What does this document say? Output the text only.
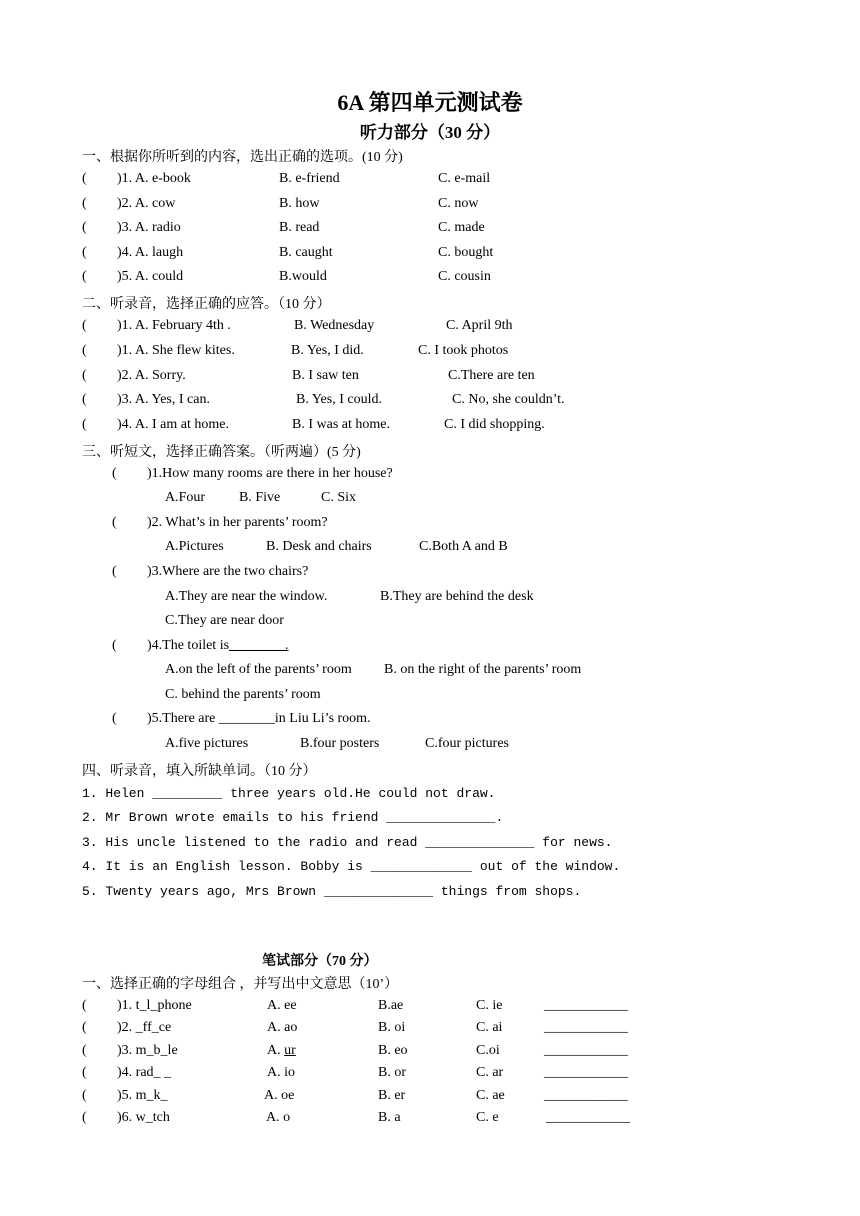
6A 第四单元测试卷
听力部分（30 分）
一、根据你所听到的内容，选出正确的选项。(10 分)
( )1. A. e-book	B. e-friend	C. e-mail
( )2. A. cow	B. how	C. now
( )3. A. radio	B. read	C. made
( )4. A. laugh	B. caught	C. bought
( )5. A. could	B.would	C. cousin
二、听录音，选择正确的应答。（10 分）
( )1. A. February 4th .	B. Wednesday	C. April 9th
( )1. A. She flew kites.	B. Yes, I did.	C. I took photos
( )2. A. Sorry.	B. I saw ten	C.There are ten
( )3. A. Yes, I can.	B. Yes, I could.	C. No, she couldn’t.
( )4. A. I am at home.	B. I was at home.	C. I did shopping.
三、听短文，选择正确答案。（听两遍）(5 分)
( )1.How many rooms are there in her house?
A.Four B. Five	C. Six
( )2. What’s in her parents’ room?
A.Pictures	B. Desk and chairs	C.Both A and B
( )3.Where are the two chairs?
A.They are near the window.	B.They are behind the desk
C.They are near door
( )4.The toilet is________.
A.on the left of the parents’ room B. on the right of the parents’ room
C. behind the parents’ room
( )5.There are ________in Liu Li’s room.
A.five pictures	B.four posters	C.four pictures
四、听录音，填入所缺单词。（10 分）
1. Helen _________ three years old.He could not draw.
2. Mr Brown wrote emails to his friend ______________.
3. His uncle listened to the radio and read ______________ for news.
4. It is an English lesson. Bobby is _____________ out of the window.
5. Twenty years ago, Mrs Brown ______________ things from shops.
笔试部分（70 分）
一、选择正确的字母组合 ，并写出中文意思（10’）
( )1. t_l_phone	A. ee	B.ae	C. ie	____________
( )2. _ff_ce	A. ao	B. oi	C. ai	____________
( )3. m_b_le	A. ur	B. eo	C.oi	____________
( )4. rad_ _	A. io	B. or	C. ar	____________
( )5. m_k_	A. oe	B. er	C. ae	____________
( )6. w_tch	A. o	B. a	C. e	____________
